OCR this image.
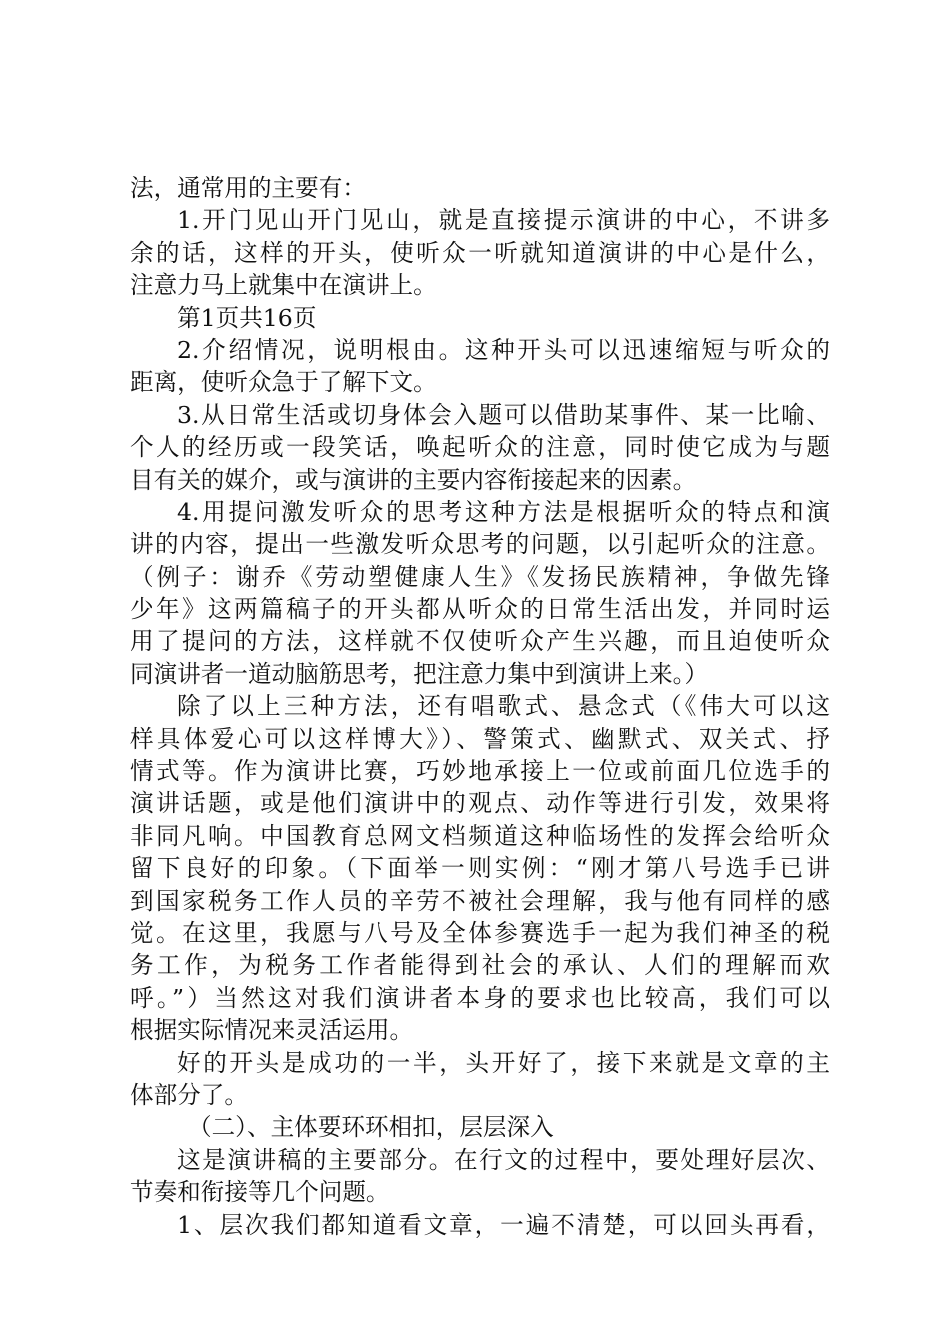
法，通常用的主要有：
1.开门见山开门见山，就是直接提示演讲的中心，不讲多
余的话，这样的开头，使听众一听就知道演讲的中心是什么，
注意力马上就集中在演讲上。
第1页共16页
2.介绍情况，说明根由。这种开头可以迅速缩短与听众的
距离，使听众急于了解下文。
3.从日常生活或切身体会入题可以借助某事件、某一比喻、
个人的经历或一段笑话，唤起听众的注意，同时使它成为与题
目有关的媒介，或与演讲的主要内容衔接起来的因素。
4.用提问激发听众的思考这种方法是根据听众的特点和演
讲的内容，提出一些激发听众思考的问题，以引起听众的注意。
（例子：谢乔《劳动塑健康人生》《发扬民族精神，争做先锋
少年》这两篇稿子的开头都从听众的日常生活出发，并同时运
用了提问的方法，这样就不仅使听众产生兴趣，而且迫使听众
同演讲者一道动脑筋思考，把注意力集中到演讲上来。）
除了以上三种方法，还有唱歌式、悬念式（《伟大可以这
样具体爱心可以这样博大》）、警策式、幽默式、双关式、抒
情式等。作为演讲比赛，巧妙地承接上一位或前面几位选手的
演讲话题，或是他们演讲中的观点、动作等进行引发，效果将
非同凡响。中国教育总网文档频道这种临场性的发挥会给听众
留下良好的印象。（下面举一则实例：“刚才第八号选手已讲
到国家税务工作人员的辛劳不被社会理解，我与他有同样的感
觉。在这里，我愿与八号及全体参赛选手一起为我们神圣的税
务工作，为税务工作者能得到社会的承认、人们的理解而欢
呼。”）当然这对我们演讲者本身的要求也比较高，我们可以
根据实际情况来灵活运用。
好的开头是成功的一半，头开好了，接下来就是文章的主
体部分了。
（二）、主体要环环相扣，层层深入
这是演讲稿的主要部分。在行文的过程中，要处理好层次、
节奏和衔接等几个问题。
1、层次我们都知道看文章，一遍不清楚，可以回头再看，
